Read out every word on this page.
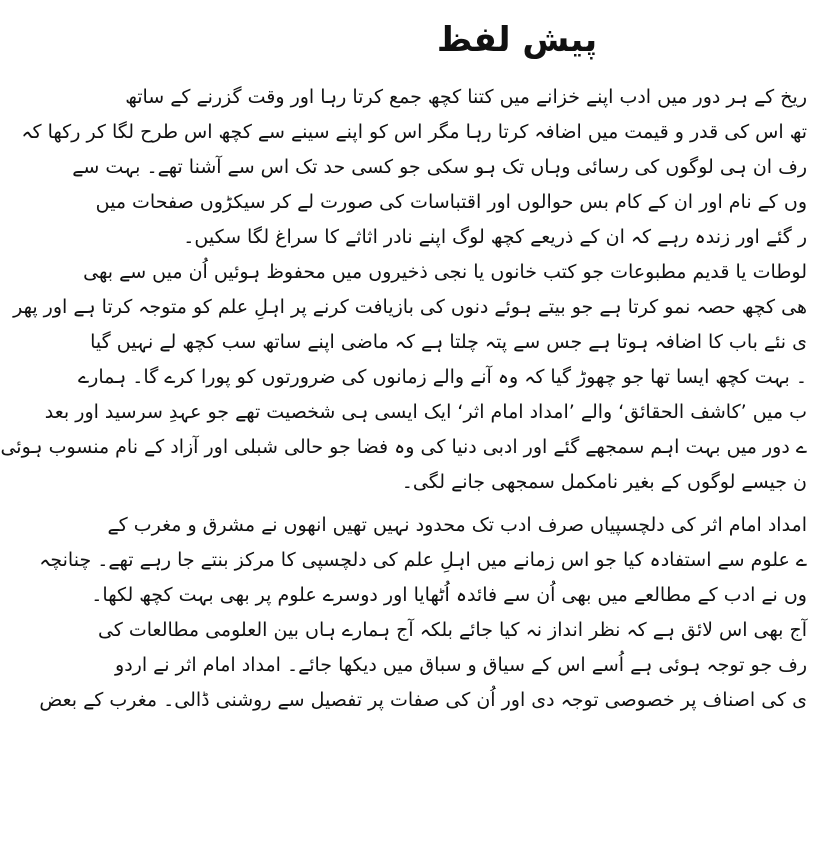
پیش لفظ
ریخ کے ہر دور میں ادب اپنے خزانے میں کتنا کچھ جمع کرتا رہا اور وقت گزرنے کے ساتھ
تھ اس کی قدر و قیمت میں اضافہ کرتا رہا مگر اس کو اپنے سینے سے کچھ اس طرح لگا کر رکھا کہ
رف ان ہی لوگوں کی رسائی وہاں تک ہو سکی جو کسی حد تک اس سے آشنا تھے۔ بہت سے
وں کے نام اور ان کے کام بس حوالوں اور اقتباسات کی صورت لے کر سیکڑوں صفحات میں
ر گئے اور زندہ رہے کہ ان کے ذریعے کچھ لوگ اپنے نادر اثاثے کا سراغ لگا سکیں۔
لوطات یا قدیم مطبوعات جو کتب خانوں یا نجی ذخیروں میں محفوظ ہوئیں اُن میں سے بھی
ھی کچھ حصہ نمو کرتا ہے جو بیتے ہوئے دنوں کی بازیافت کرنے پر اہلِ علم کو متوجہ کرتا ہے اور پھر
ی نئے باب کا اضافہ ہوتا ہے جس سے پتہ چلتا ہے کہ ماضی اپنے ساتھ سب کچھ لے نہیں گیا
۔ بہت کچھ ایسا تھا جو چھوڑ گیا کہ وہ آنے والے زمانوں کی ضرورتوں کو پورا کرے گا۔ ہمارے
ب میں ’کاشف الحقائق‘ والے ’امداد امام اثر‘ ایک ایسی ہی شخصیت تھے جو عہدِ سرسید اور بعد
ے دور میں بہت اہم سمجھے گئے اور ادبی دنیا کی وہ فضا جو حالی شبلی اور آزاد کے نام منسوب ہوئی
ن جیسے لوگوں کے بغیر نامکمل سمجھی جانے لگی۔
امداد امام اثر کی دلچسپیاں صرف ادب تک محدود نہیں تھیں انھوں نے مشرق و مغرب کے
ے علوم سے استفادہ کیا جو اس زمانے میں اہلِ علم کی دلچسپی کا مرکز بنتے جا رہے تھے۔ چنانچہ
وں نے ادب کے مطالعے میں بھی اُن سے فائدہ اُٹھایا اور دوسرے علوم پر بھی بہت کچھ لکھا۔
آج بھی اس لائق ہے کہ نظر انداز نہ کیا جائے بلکہ آج ہمارے ہاں بین العلومی مطالعات کی
رف جو توجہ ہوئی ہے اُسے اس کے سیاق و سباق میں دیکھا جائے۔ امداد امام اثر نے اردو
ی کی اصناف پر خصوصی توجہ دی اور اُن کی صفات پر تفصیل سے روشنی ڈالی۔ مغرب کے بعض
